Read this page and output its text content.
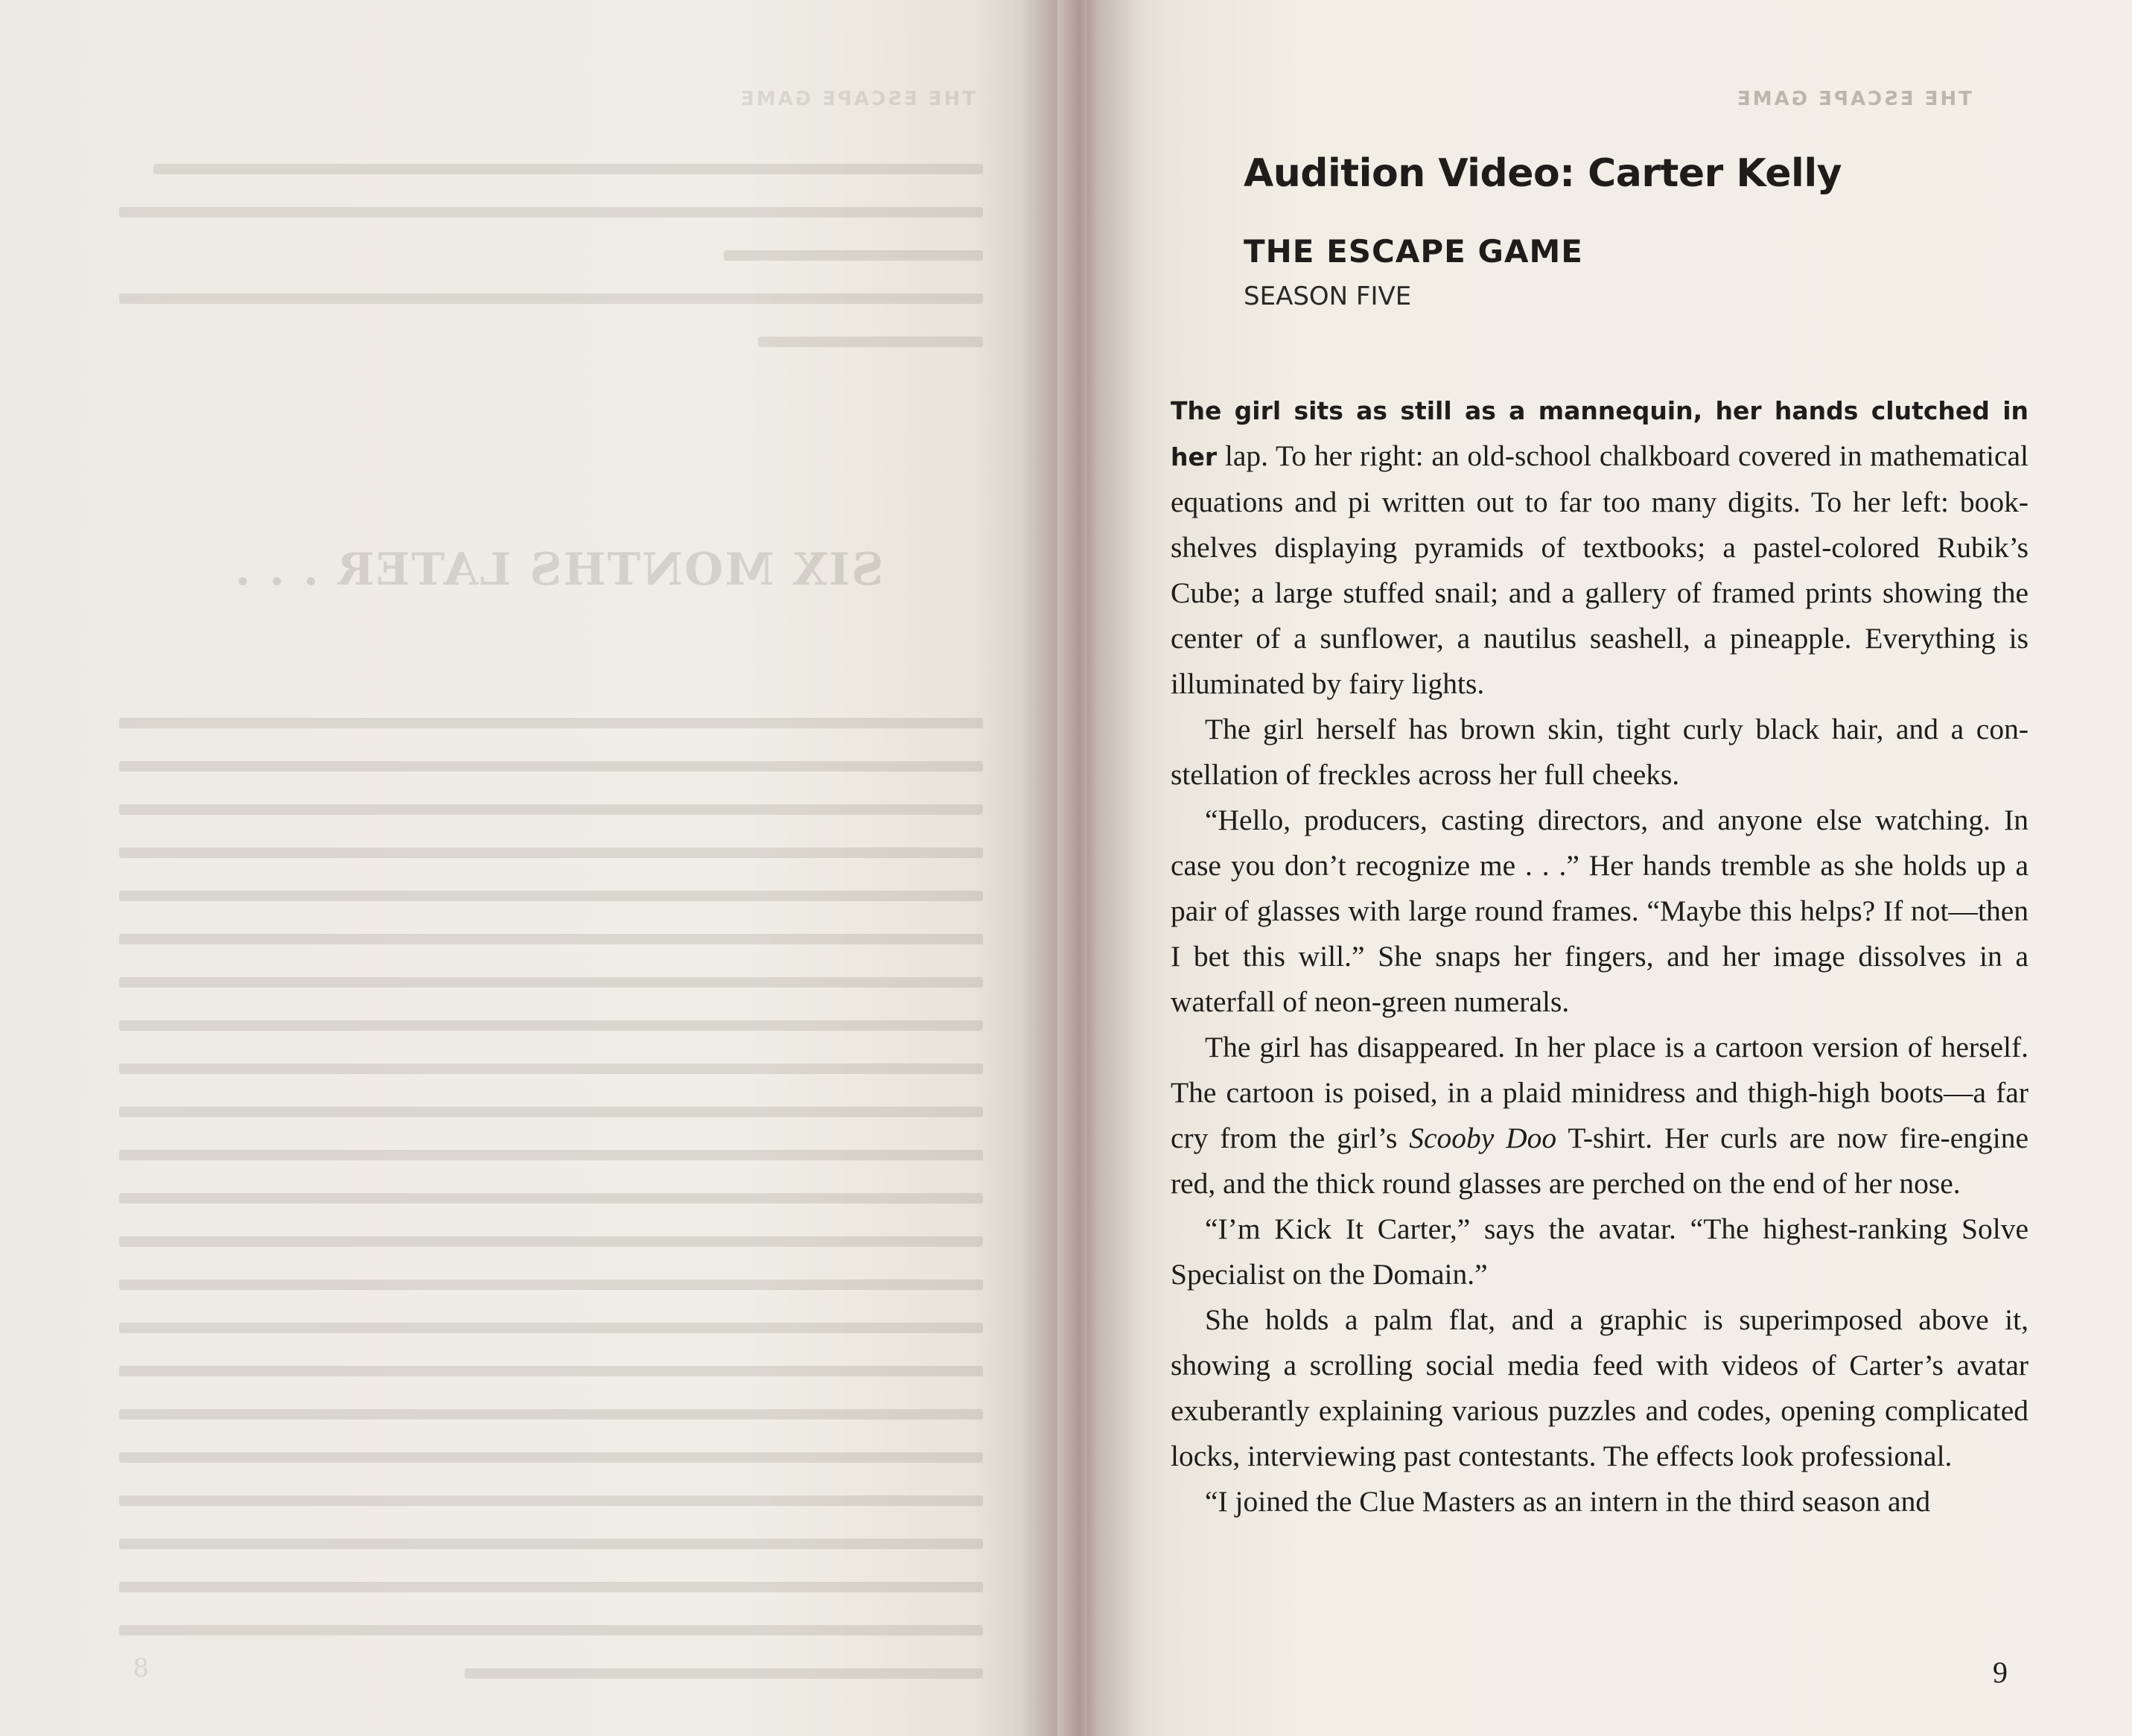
THE ESCAPE GAME
SIX MONTHS LATER . . .
8
THE ESCAPE GAME
Audition Video: Carter Kelly
THE ESCAPE GAME
SEASON FIVE

The girl sits as still as a mannequin, her hands clutched in her lap. To her right: an old-school chalkboard covered in mathematical equations and pi written out to far too many digits. To her left: bookshelves displaying pyramids of textbooks; a pastel-colored Rubik’s Cube; a large stuffed snail; and a gallery of framed prints showing the center of a sunflower, a nautilus seashell, a pineapple. Everything is illuminated by fairy lights.

The girl herself has brown skin, tight curly black hair, and a constellation of freckles across her full cheeks.

“Hello, producers, casting directors, and anyone else watching. In case you don’t recognize me . . .” Her hands tremble as she holds up a pair of glasses with large round frames. “Maybe this helps? If not—then I bet this will.” She snaps her fingers, and her image dissolves in a waterfall of neon-green numerals.

The girl has disappeared. In her place is a cartoon version of herself. The cartoon is poised, in a plaid minidress and thigh-high boots—a far cry from the girl’s Scooby Doo T-shirt. Her curls are now fire-engine red, and the thick round glasses are perched on the end of her nose.

“I’m Kick It Carter,” says the avatar. “The highest-ranking Solve Specialist on the Domain.”

She holds a palm flat, and a graphic is superimposed above it, showing a scrolling social media feed with videos of Carter’s avatar exuberantly explaining various puzzles and codes, opening complicated locks, interviewing past contestants. The effects look professional.

“I joined the Clue Masters as an intern in the third season and

9
